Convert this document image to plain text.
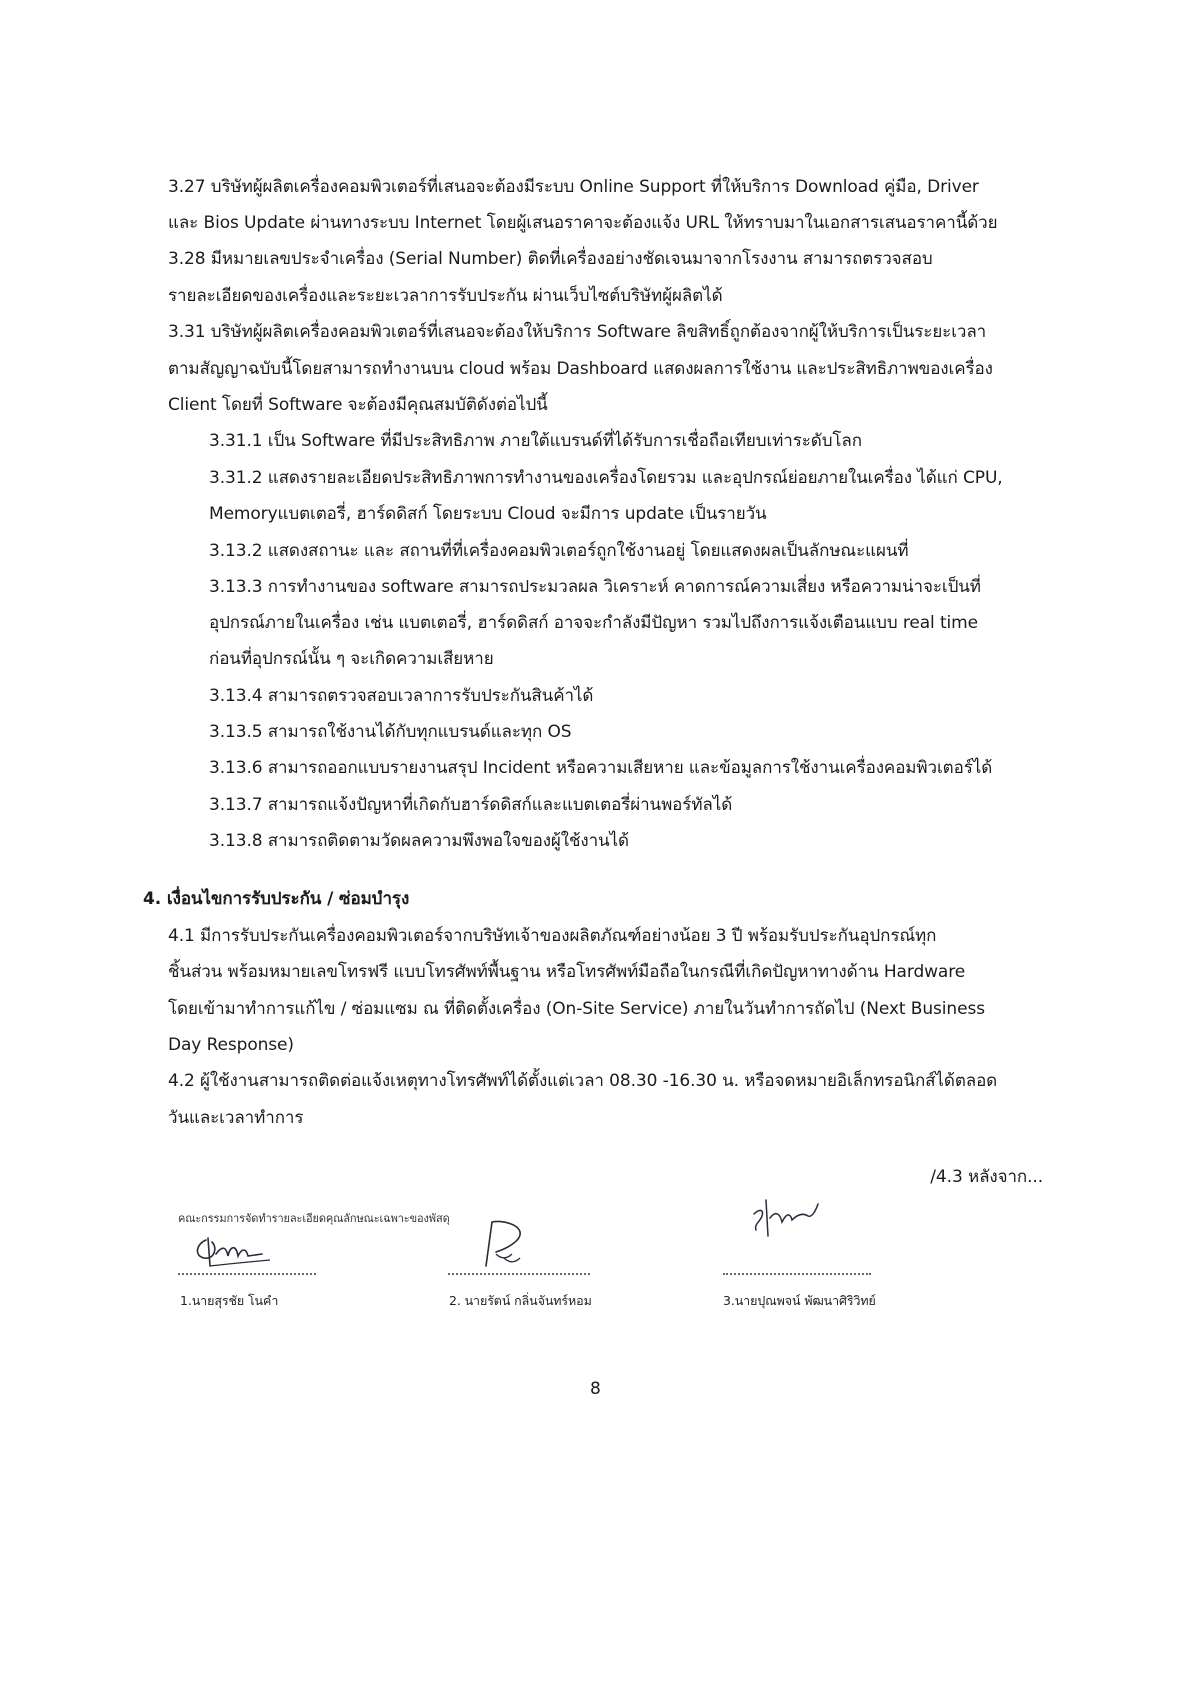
3.27 บริษัทผู้ผลิตเครื่องคอมพิวเตอร์ที่เสนอจะต้องมีระบบ Online Support ที่ให้บริการ Download คู่มือ, Driver
และ Bios Update ผ่านทางระบบ Internet โดยผู้เสนอราคาจะต้องแจ้ง URL ให้ทราบมาในเอกสารเสนอราคานี้ด้วย
3.28 มีหมายเลขประจำเครื่อง (Serial Number) ติดที่เครื่องอย่างชัดเจนมาจากโรงงาน สามารถตรวจสอบ
รายละเอียดของเครื่องและระยะเวลาการรับประกัน ผ่านเว็บไซต์บริษัทผู้ผลิตได้
3.31 บริษัทผู้ผลิตเครื่องคอมพิวเตอร์ที่เสนอจะต้องให้บริการ Software ลิขสิทธิ์ถูกต้องจากผู้ให้บริการเป็นระยะเวลา
ตามสัญญาฉบับนี้โดยสามารถทำงานบน cloud พร้อม Dashboard แสดงผลการใช้งาน และประสิทธิภาพของเครื่อง
Client โดยที่ Software จะต้องมีคุณสมบัติดังต่อไปนี้
3.31.1 เป็น Software ที่มีประสิทธิภาพ ภายใต้แบรนด์ที่ได้รับการเชื่อถือเทียบเท่าระดับโลก
3.31.2 แสดงรายละเอียดประสิทธิภาพการทำงานของเครื่องโดยรวม และอุปกรณ์ย่อยภายในเครื่อง ได้แก่ CPU,
Memoryแบตเตอรี่, ฮาร์ดดิสก์ โดยระบบ Cloud จะมีการ update เป็นรายวัน
3.13.2 แสดงสถานะ และ สถานที่ที่เครื่องคอมพิวเตอร์ถูกใช้งานอยู่ โดยแสดงผลเป็นลักษณะแผนที่
3.13.3 การทำงานของ software สามารถประมวลผล วิเคราะห์ คาดการณ์ความเสี่ยง หรือความน่าจะเป็นที่
อุปกรณ์ภายในเครื่อง เช่น แบตเตอรี่, ฮาร์ดดิสก์ อาจจะกำลังมีปัญหา รวมไปถึงการแจ้งเตือนแบบ real time
ก่อนที่อุปกรณ์นั้น ๆ จะเกิดความเสียหาย
3.13.4 สามารถตรวจสอบเวลาการรับประกันสินค้าได้
3.13.5 สามารถใช้งานได้กับทุกแบรนด์และทุก OS
3.13.6 สามารถออกแบบรายงานสรุป Incident หรือความเสียหาย และข้อมูลการใช้งานเครื่องคอมพิวเตอร์ได้
3.13.7 สามารถแจ้งปัญหาที่เกิดกับฮาร์ดดิสก์และแบตเตอรี่ผ่านพอร์ทัลได้
3.13.8 สามารถติดตามวัดผลความพึงพอใจของผู้ใช้งานได้
4. เงื่อนไขการรับประกัน / ซ่อมบำรุง
4.1 มีการรับประกันเครื่องคอมพิวเตอร์จากบริษัทเจ้าของผลิตภัณฑ์อย่างน้อย 3 ปี พร้อมรับประกันอุปกรณ์ทุก
ชิ้นส่วน พร้อมหมายเลขโทรฟรี แบบโทรศัพท์พื้นฐาน หรือโทรศัพท์มือถือในกรณีที่เกิดปัญหาทางด้าน Hardware
โดยเข้ามาทำการแก้ไข / ซ่อมแซม ณ ที่ติดตั้งเครื่อง (On-Site Service) ภายในวันทำการถัดไป (Next Business
Day Response)
4.2 ผู้ใช้งานสามารถติดต่อแจ้งเหตุทางโทรศัพท์ได้ตั้งแต่เวลา 08.30 -16.30 น. หรือจดหมายอิเล็กทรอนิกส์ได้ตลอด
วันและเวลาทำการ
/4.3 หลังจาก...
คณะกรรมการจัดทำรายละเอียดคุณลักษณะเฉพาะของพัสดุ
1.นายสุรชัย โนคำ	2. นายรัตน์ กลิ่นจันทร์หอม	3.นายปุณพจน์ พัฒนาศิริวิทย์
8
